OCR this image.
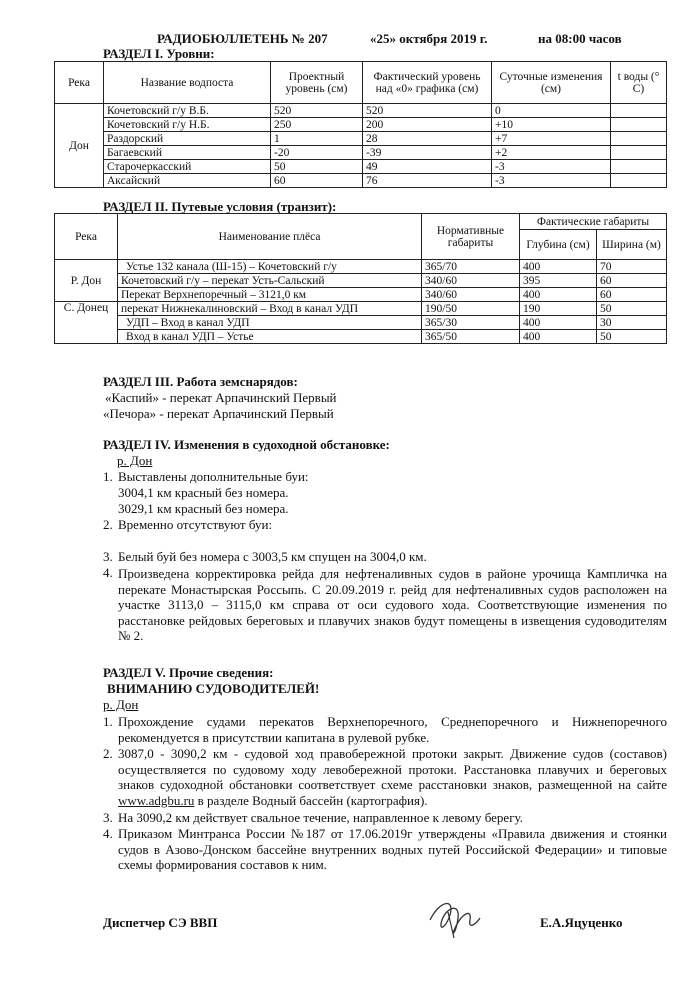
РАДИОБЮЛЛЕТЕНЬ № 207	«25» октября 2019 г.	на 08:00 часов
РАЗДЕЛ I. Уровни:
Река	Название водпоста	Проектный уровень (см)	Фактический уровень над «0» графика (см)	Суточные изменения (см)	t воды (° C)
Дон	Кочетовский г/у В.Б.	520	520	0	
	Кочетовский г/у Н.Б.	250	200	+10	
	Раздорский	1	28	+7	
	Багаевский	-20	-39	+2	
	Старочеркасский	50	49	-3	
	Аксайский	60	76	-3	
РАЗДЕЛ II. Путевые условия (транзит):
Река	Наименование плёса	Нормативные габариты	Фактические габариты	
			Глубина (см)	Ширина (м)
Р. Дон	Устье 132 канала (Ш-15) – Кочетовский г/у	365/70	400	70
	Кочетовский г/у – перекат Усть-Сальский	340/60	395	60
	Перекат Верхнепоречный – 3121,0 км	340/60	400	60
С. Донец	перекат Нижнекалиновский – Вход в канал УДП	190/50	190	50
	УДП – Вход в канал УДП	365/30	400	30
	Вход в канал УДП – Устье	365/50	400	50
РАЗДЕЛ III. Работа земснарядов:
«Каспий» - перекат Арпачинский Первый
«Печора» - перекат Арпачинский Первый
РАЗДЕЛ IV. Изменения в судоходной обстановке:
р. Дон
1. Выставлены дополнительные буи:
3004,1 км красный без номера.
3029,1 км красный без номера.
2. Временно отсутствуют буи:
3. Белый буй без номера с 3003,5 км спущен на 3004,0 км.
4. Произведена корректировка рейда для нефтеналивных судов в районе урочища Кампличка на перекате Монастырская Россыпь. С 20.09.2019 г. рейд для нефтеналивных судов расположен на участке 3113,0 – 3115,0 км справа от оси судового хода. Соответствующие изменения по расстановке рейдовых береговых и плавучих знаков будут помещены в извещения судоводителям № 2.
РАЗДЕЛ V. Прочие сведения:
ВНИМАНИЮ СУДОВОДИТЕЛЕЙ!
р. Дон
1. Прохождение судами перекатов Верхнепоречного, Среднепоречного и Нижнепоречного рекомендуется в присутствии капитана в рулевой рубке.
2. 3087,0 - 3090,2 км - судовой ход правобережной протоки закрыт. Движение судов (составов) осуществляется по судовому ходу левобережной протоки. Расстановка плавучих и береговых знаков судоходной обстановки соответствует схеме расстановки знаков, размещенной на сайте www.adgbu.ru в разделе Водный бассейн (картография).
3. На 3090,2 км действует свальное течение, направленное к левому берегу.
4. Приказом Минтранса России №187 от 17.06.2019г утверждены «Правила движения и стоянки судов в Азово-Донском бассейне внутренних водных путей Российской Федерации» и типовые схемы формирования составов к ним.
Диспетчер СЭ ВВП	Е.А.Яцуценко
